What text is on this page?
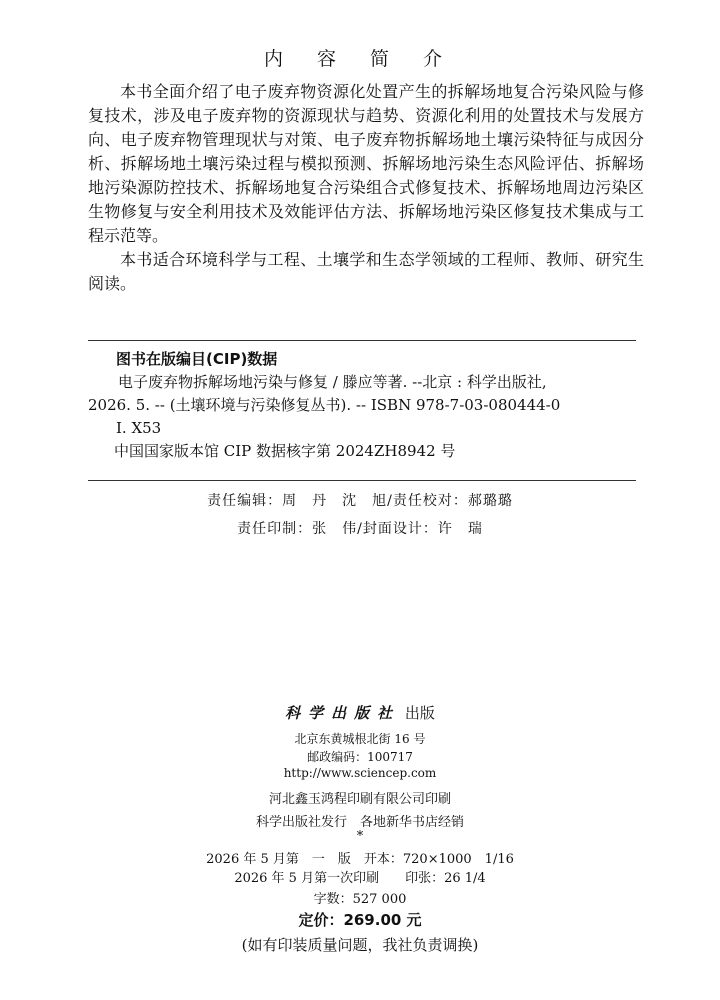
内 容 简 介

本书全面介绍了电子废弃物资源化处置产生的拆解场地复合污染风险与修复技术，涉及电子废弃物的资源现状与趋势、资源化利用的处置技术与发展方向、电子废弃物管理现状与对策、电子废弃物拆解场地土壤污染特征与成因分析、拆解场地土壤污染过程与模拟预测、拆解场地污染生态风险评估、拆解场地污染源防控技术、拆解场地复合污染组合式修复技术、拆解场地周边污染区生物修复与安全利用技术及效能评估方法、拆解场地污染区修复技术集成与工程示范等。

本书适合环境科学与工程、土壤学和生态学领域的工程师、教师、研究生阅读。

图书在版编目(CIP)数据
电子废弃物拆解场地污染与修复 / 滕应等著. --北京 : 科学出版社,
2026. 5. -- (土壤环境与污染修复丛书). -- ISBN 978-7-03-080444-0
Ⅰ. X53
中国国家版本馆 CIP 数据核字第 2024ZH8942 号
责任编辑：周　丹　沈　旭/责任校对：郝璐璐
责任印制：张　伟/封面设计：许　瑞
科学出版社 出版
北京东黄城根北街 16 号
邮政编码：100717
http://www.sciencep.com
河北鑫玉鸿程印刷有限公司印刷
科学出版社发行　各地新华书店经销
*
2026 年 5 月第　一　版　开本：720×1000　1/16
2026 年 5 月第一次印刷　　印张：26 1/4
字数：527 000
定价：269.00 元
(如有印装质量问题，我社负责调换)
